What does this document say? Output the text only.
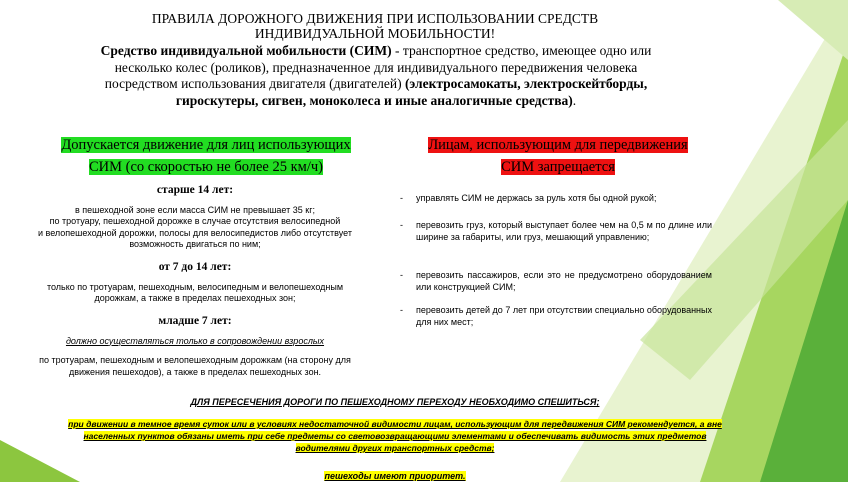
ПРАВИЛА ДОРОЖНОГО ДВИЖЕНИЯ ПРИ ИСПОЛЬЗОВАНИИ СРЕДСТВ
ИНДИВИДУАЛЬНОЙ МОБИЛЬНОСТИ!
Средство индивидуальной мобильности (СИМ) - транспортное средство, имеющее одно или несколько колес (роликов), предназначенное для индивидуального передвижения человека посредством использования двигателя (двигателей) (электросамокаты, электроскейтборды, гироскутеры, сигвен, моноколеса и иные аналогичные средства).
Допускается движение для лиц использующих
СИМ (со скоростью не более 25 км/ч)
Лицам, использующим для передвижения
СИМ запрещается
старше 14 лет:
в пешеходной зоне если масса СИМ не превышает 35 кг;
по тротуару, пешеходной дорожке в случае отсутствия велосипедной
и велопешеходной дорожки, полосы для велосипедистов либо отсутствует
возможность двигаться по ним;
от 7 до 14 лет:
только по тротуарам, пешеходным, велосипедным и велопешеходным
дорожкам, а также в пределах пешеходных зон;
младше 7 лет:
должно осуществляться только в сопровождении взрослых
по тротуарам, пешеходным и велопешеходным дорожкам (на сторону для
движения пешеходов), а также в пределах пешеходных зон.
-	управлять СИМ не держась за руль хотя бы одной рукой;
-	перевозить груз, который выступает более чем на 0,5 м по длине или ширине за габариты, или груз, мешающий управлению;
-	перевозить пассажиров, если это не предусмотрено оборудованием или конструкцией СИМ;
-	перевозить детей до 7 лет при отсутствии специально оборудованных для них мест;
ДЛЯ ПЕРЕСЕЧЕНИЯ ДОРОГИ ПО ПЕШЕХОДНОМУ ПЕРЕХОДУ НЕОБХОДИМО СПЕШИТЬСЯ;
при движении в темное время суток или в условиях недостаточной видимости лицам, использующим для передвижения СИМ рекомендуется, а вне
населенных пунктов обязаны иметь при себе предметы со световозвращающими элементами и обеспечивать видимость этих предметов
водителями других транспортных средств;
пешеходы имеют приоритет.
